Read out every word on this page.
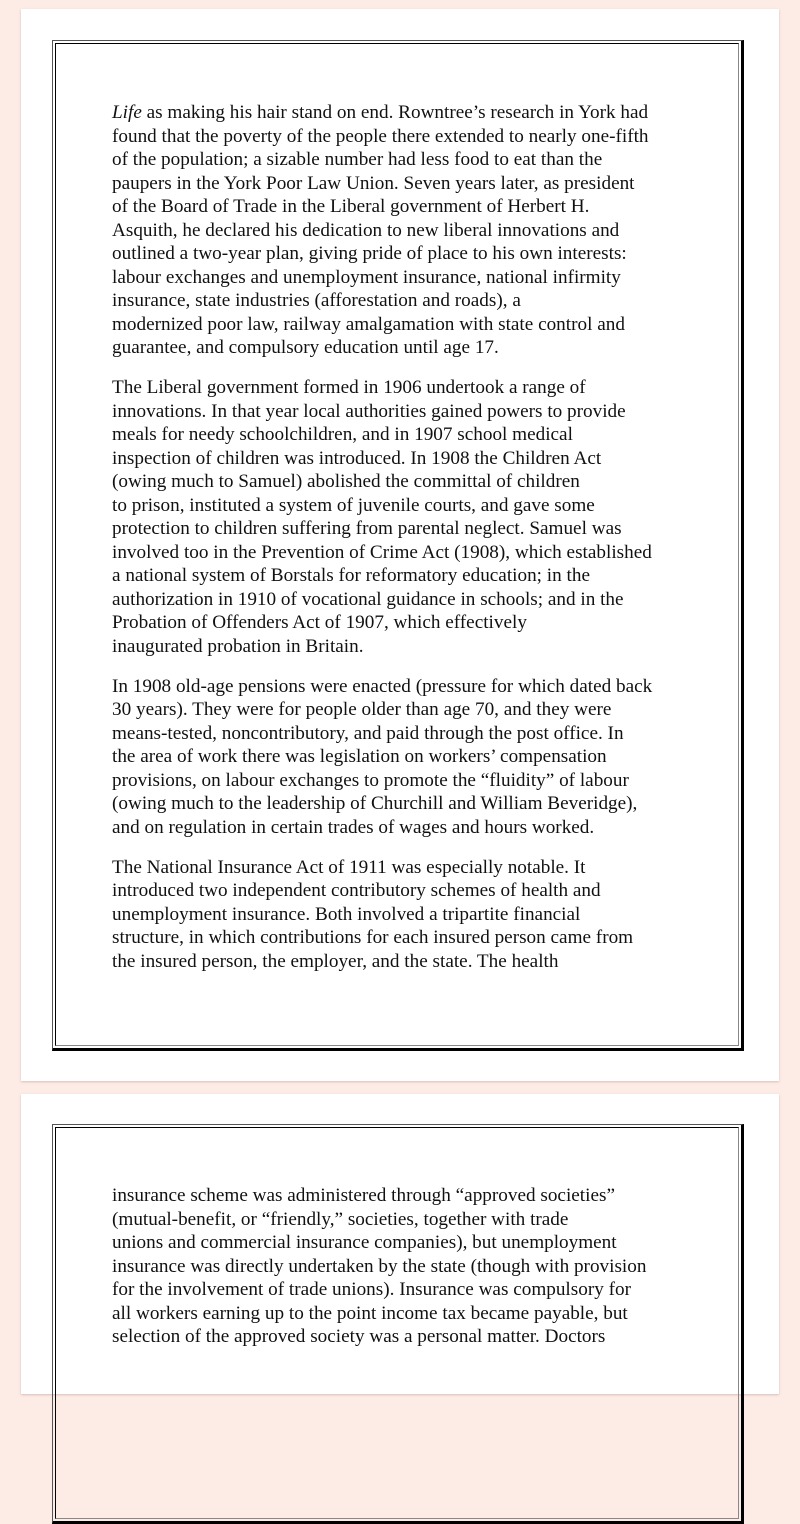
Life as making his hair stand on end. Rowntree’s research in York had
found that the poverty of the people there extended to nearly one-fifth
of the population; a sizable number had less food to eat than the
paupers in the York Poor Law Union. Seven years later, as president
of the Board of Trade in the Liberal government of Herbert H.
Asquith, he declared his dedication to new liberal innovations and
outlined a two-year plan, giving pride of place to his own interests:
labour exchanges and unemployment insurance, national infirmity
insurance, state industries (afforestation and roads), a
modernized poor law, railway amalgamation with state control and
guarantee, and compulsory education until age 17.

The Liberal government formed in 1906 undertook a range of
innovations. In that year local authorities gained powers to provide
meals for needy schoolchildren, and in 1907 school medical
inspection of children was introduced. In 1908 the Children Act
(owing much to Samuel) abolished the committal of children
to prison, instituted a system of juvenile courts, and gave some
protection to children suffering from parental neglect. Samuel was
involved too in the Prevention of Crime Act (1908), which established
a national system of Borstals for reformatory education; in the
authorization in 1910 of vocational guidance in schools; and in the
Probation of Offenders Act of 1907, which effectively
inaugurated probation in Britain.

In 1908 old-age pensions were enacted (pressure for which dated back
30 years). They were for people older than age 70, and they were
means-tested, noncontributory, and paid through the post office. In
the area of work there was legislation on workers’ compensation
provisions, on labour exchanges to promote the “fluidity” of labour
(owing much to the leadership of Churchill and William Beveridge),
and on regulation in certain trades of wages and hours worked.

The National Insurance Act of 1911 was especially notable. It
introduced two independent contributory schemes of health and
unemployment insurance. Both involved a tripartite financial
structure, in which contributions for each insured person came from
the insured person, the employer, and the state. The health

insurance scheme was administered through “approved societies”
(mutual-benefit, or “friendly,” societies, together with trade
unions and commercial insurance companies), but unemployment
insurance was directly undertaken by the state (though with provision
for the involvement of trade unions). Insurance was compulsory for
all workers earning up to the point income tax became payable, but
selection of the approved society was a personal matter. Doctors
